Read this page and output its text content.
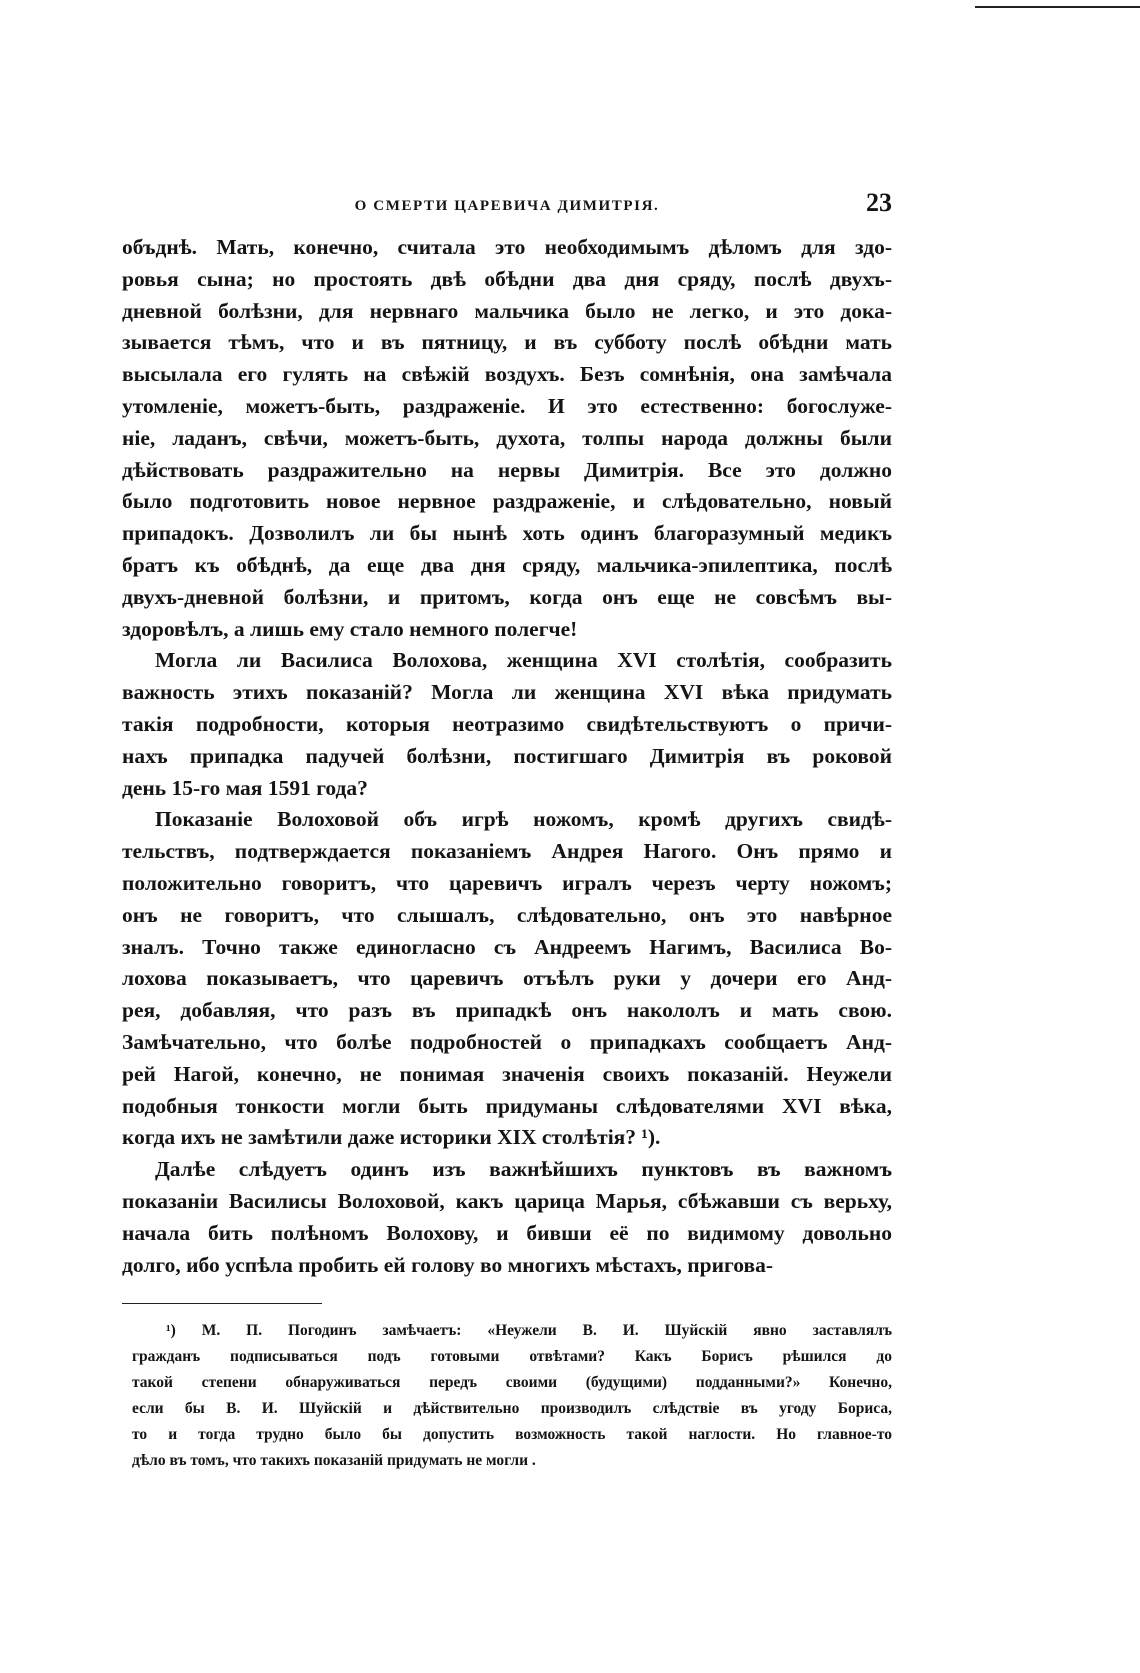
О СМЕРТИ ЦАРЕВИЧА ДИМИТРІЯ.	23
объднѣ. Мать, конечно, считала это необходимымъ дѣломъ для здо-
ровья сына; но простоять двѣ обѣдни два дня сряду, послѣ двухъ-
дневной болѣзни, для нервнаго мальчика было не легко, и это дока-
зывается тѣмъ, что и въ пятницу, и въ субботу послѣ обѣдни мать
высылала его гулять на свѣжій воздухъ. Безъ сомнѣнія, она замѣчала
утомленіе, можетъ-быть, раздраженіе. И это естественно: богослуже-
ніе, ладанъ, свѣчи, можетъ-быть, духота, толпы народа должны были
дѣйствовать раздражительно на нервы Димитрія. Все это должно
было подготовить новое нервное раздраженіе, и слѣдовательно, новый
припадокъ. Дозволилъ ли бы нынѣ хоть одинъ благоразумный медикъ
братъ къ обѣднѣ, да еще два дня сряду, мальчика-эпилептика, послѣ
двухъ-дневной болѣзни, и притомъ, когда онъ еще не совсѣмъ вы-
здоровѣлъ, а лишь ему стало немного полегче!
Могла ли Василиса Волохова, женщина XVI столѣтія, сообразить
важность этихъ показаній? Могла ли женщина XVI вѣка придумать
такія подробности, которыя неотразимо свидѣтельствуютъ о причи-
нахъ припадка падучей болѣзни, постигшаго Димитрія въ роковой
день 15-го мая 1591 года?
Показаніе Волоховой объ игрѣ ножомъ, кромѣ другихъ свидѣ-
тельствъ, подтверждается показаніемъ Андрея Нагого. Онъ прямо и
положительно говоритъ, что царевичъ игралъ черезъ черту ножомъ;
онъ не говоритъ, что слышалъ, слѣдовательно, онъ это навѣрное
зналъ. Точно также единогласно съ Андреемъ Нагимъ, Василиса Во-
лохова показываетъ, что царевичъ отъѣлъ руки у дочери его Анд-
рея, добавляя, что разъ въ припадкѣ онъ накололъ и мать свою.
Замѣчательно, что болѣе подробностей о припадкахъ сообщаетъ Анд-
рей Нагой, конечно, не понимая значенія своихъ показаній. Неужели
подобныя тонкости могли быть придуманы слѣдователями XVI вѣка,
когда ихъ не замѣтили даже историки XIX столѣтія? ¹).
Далѣе слѣдуетъ одинъ изъ важнѣйшихъ пунктовъ въ важномъ
показаніи Василисы Волоховой, какъ царица Марья, сбѣжавши съ верьху,
начала бить полѣномъ Волохову, и бивши её по видимому довольно
долго, ибо успѣла пробить ей голову во многихъ мѣстахъ, пригова-
¹) М. П. Погодинъ замѣчаетъ: «Неужели В. И. Шуйскій явно заставлялъ
гражданъ подписываться подъ готовыми отвѣтами? Какъ Борисъ рѣшился до
такой степени обнаруживаться передъ своими (будущими) подданными?» Конечно,
если бы В. И. Шуйскій и дѣйствительно производилъ слѣдствіе въ угоду Бориса,
то и тогда трудно было бы допустить возможность такой наглости. Но главное-то
дѣло въ томъ, что такихъ показаній придумать не могли .
